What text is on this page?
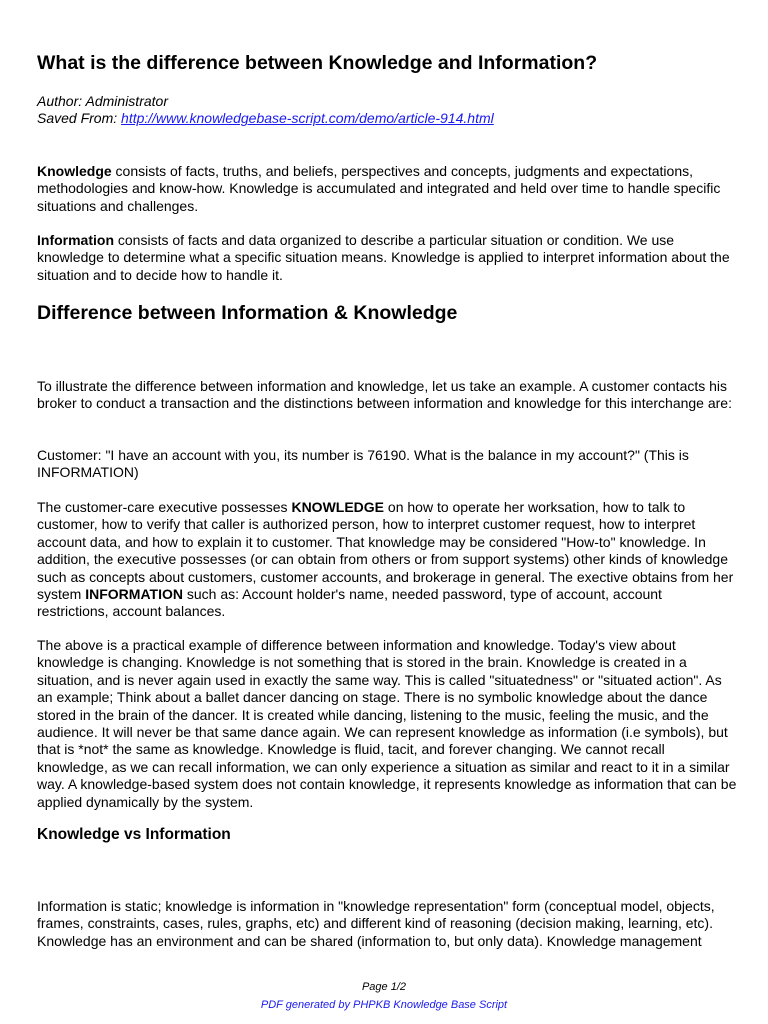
What is the difference between Knowledge and Information?
Author: Administrator
Saved From: http://www.knowledgebase-script.com/demo/article-914.html

Knowledge consists of facts, truths, and beliefs, perspectives and concepts, judgments and expectations, methodologies and know-how. Knowledge is accumulated and integrated and held over time to handle specific situations and challenges.

Information consists of facts and data organized to describe a particular situation or condition. We use knowledge to determine what a specific situation means. Knowledge is applied to interpret information about the situation and to decide how to handle it.

Difference between Information & Knowledge

To illustrate the difference between information and knowledge, let us take an example. A customer contacts his broker to conduct a transaction and the distinctions between information and knowledge for this interchange are:

Customer: "I have an account with you, its number is 76190. What is the balance in my account?" (This is INFORMATION)

The customer-care executive possesses KNOWLEDGE on how to operate her worksation, how to talk to customer, how to verify that caller is authorized person, how to interpret customer request, how to interpret account data, and how to explain it to customer. That knowledge may be considered "How-to" knowledge. In addition, the executive possesses (or can obtain from others or from support systems) other kinds of knowledge such as concepts about customers, customer accounts, and brokerage in general. The exective obtains from her system INFORMATION such as: Account holder's name, needed password, type of account, account restrictions, account balances.

The above is a practical example of difference between information and knowledge. Today's view about knowledge is changing. Knowledge is not something that is stored in the brain. Knowledge is created in a situation, and is never again used in exactly the same way. This is called "situatedness" or "situated action". As an example; Think about a ballet dancer dancing on stage. There is no symbolic knowledge about the dance stored in the brain of the dancer. It is created while dancing, listening to the music, feeling the music, and the audience. It will never be that same dance again. We can represent knowledge as information (i.e symbols), but that is *not* the same as knowledge. Knowledge is fluid, tacit, and forever changing. We cannot recall knowledge, as we can recall information, we can only experience a situation as similar and react to it in a similar way. A knowledge-based system does not contain knowledge, it represents knowledge as information that can be applied dynamically by the system.

Knowledge vs Information

Information is static; knowledge is information in "knowledge representation" form (conceptual model, objects, frames, constraints, cases, rules, graphs, etc) and different kind of reasoning (decision making, learning, etc). Knowledge has an environment and can be shared (information to, but only data). Knowledge management

Page 1/2
PDF generated by PHPKB Knowledge Base Script
